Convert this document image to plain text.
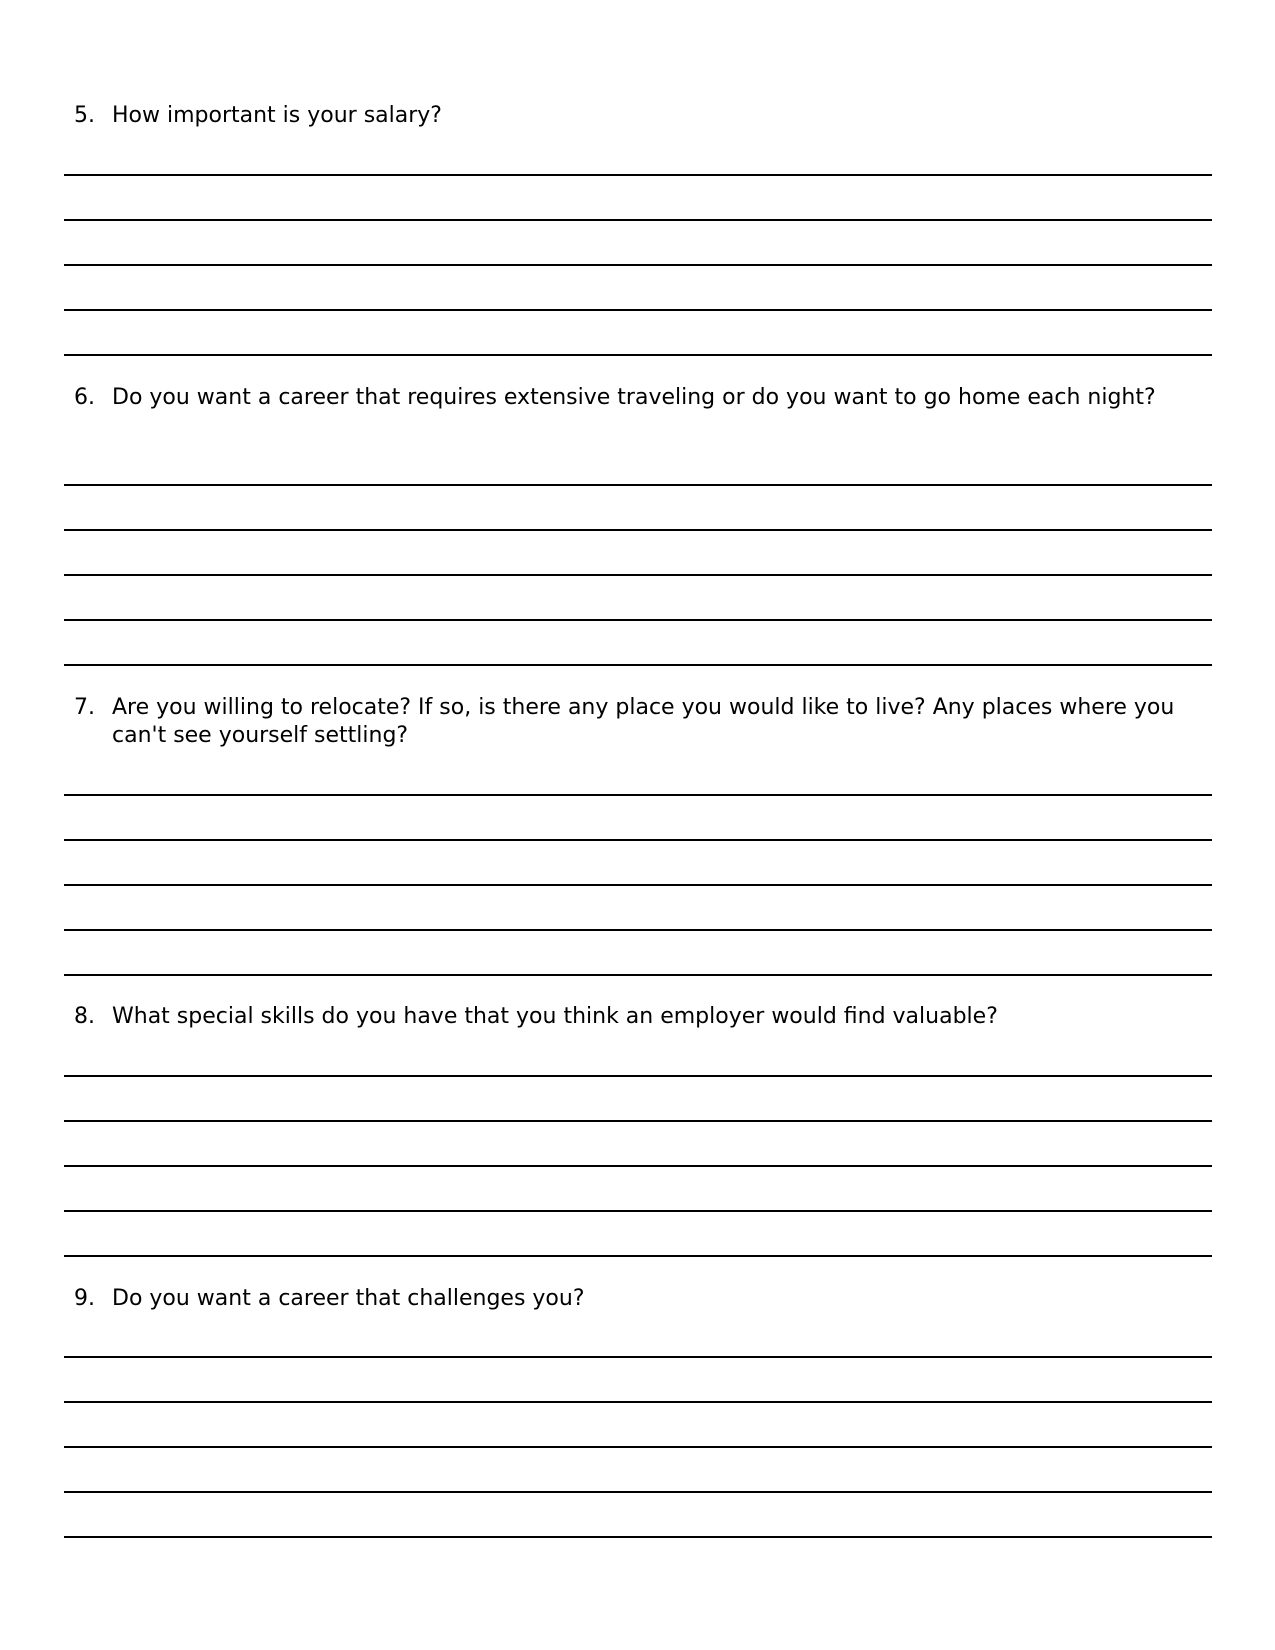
5. How important is your salary?
6. Do you want a career that requires extensive traveling or do you want to go home each night?
7. Are you willing to relocate? If so, is there any place you would like to live? Any places where you can't see yourself settling?
8. What special skills do you have that you think an employer would find valuable?
9. Do you want a career that challenges you?
